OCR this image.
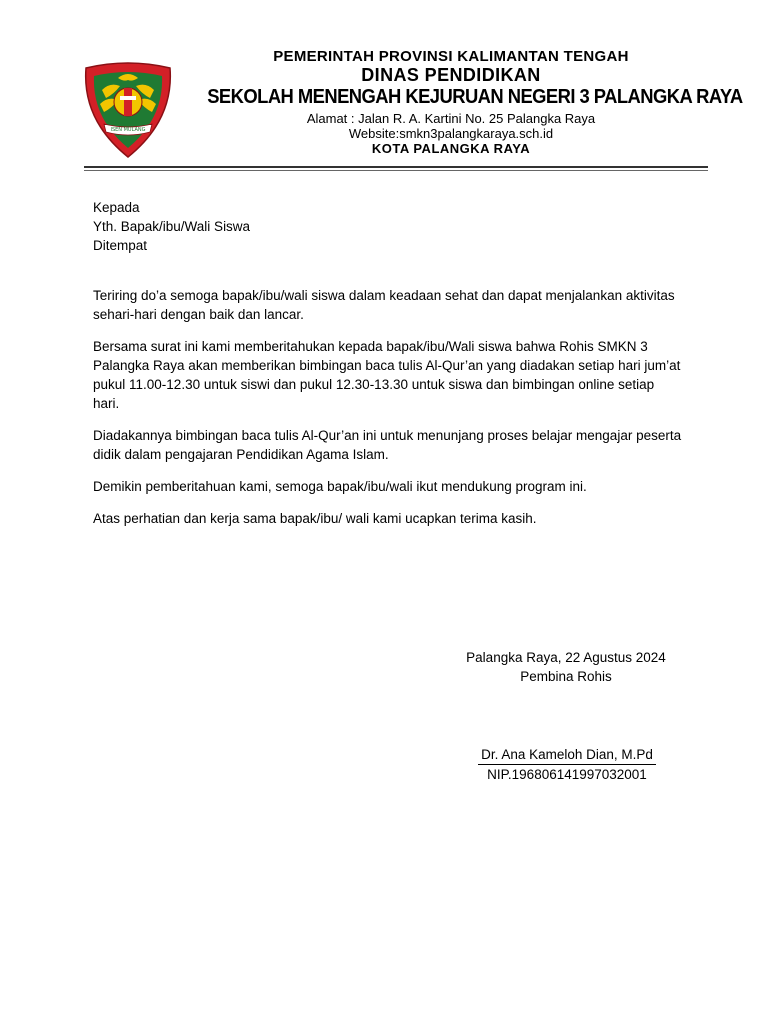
ISEN MULANG
PEMERINTAH PROVINSI KALIMANTAN TENGAH
DINAS PENDIDIKAN
SEKOLAH MENENGAH KEJURUAN NEGERI 3 PALANGKA RAYA
Alamat : Jalan R. A. Kartini No. 25 Palangka Raya
Website:smkn3palangkaraya.sch.id
KOTA PALANGKA RAYA
Kepada
Yth. Bapak/ibu/Wali Siswa
Ditempat

Teriring do’a semoga bapak/ibu/wali siswa dalam keadaan sehat dan dapat menjalankan aktivitas sehari-hari dengan baik dan lancar.

Bersama surat ini kami memberitahukan kepada bapak/ibu/Wali siswa bahwa Rohis SMKN 3 Palangka Raya akan memberikan bimbingan baca tulis Al-Qur’an yang diadakan setiap hari jum’at pukul 11.00-12.30 untuk siswi dan pukul 12.30-13.30 untuk siswa dan bimbingan online setiap hari.

Diadakannya bimbingan baca tulis Al-Qur’an ini untuk menunjang proses belajar mengajar peserta didik dalam pengajaran Pendidikan Agama Islam.

Demikin pemberitahuan kami, semoga bapak/ibu/wali ikut mendukung program ini.

Atas perhatian dan kerja sama bapak/ibu/ wali kami ucapkan terima kasih.

Palangka Raya, 22 Agustus 2024
Pembina Rohis
Dr. Ana Kameloh Dian, M.Pd
NIP.196806141997032001
